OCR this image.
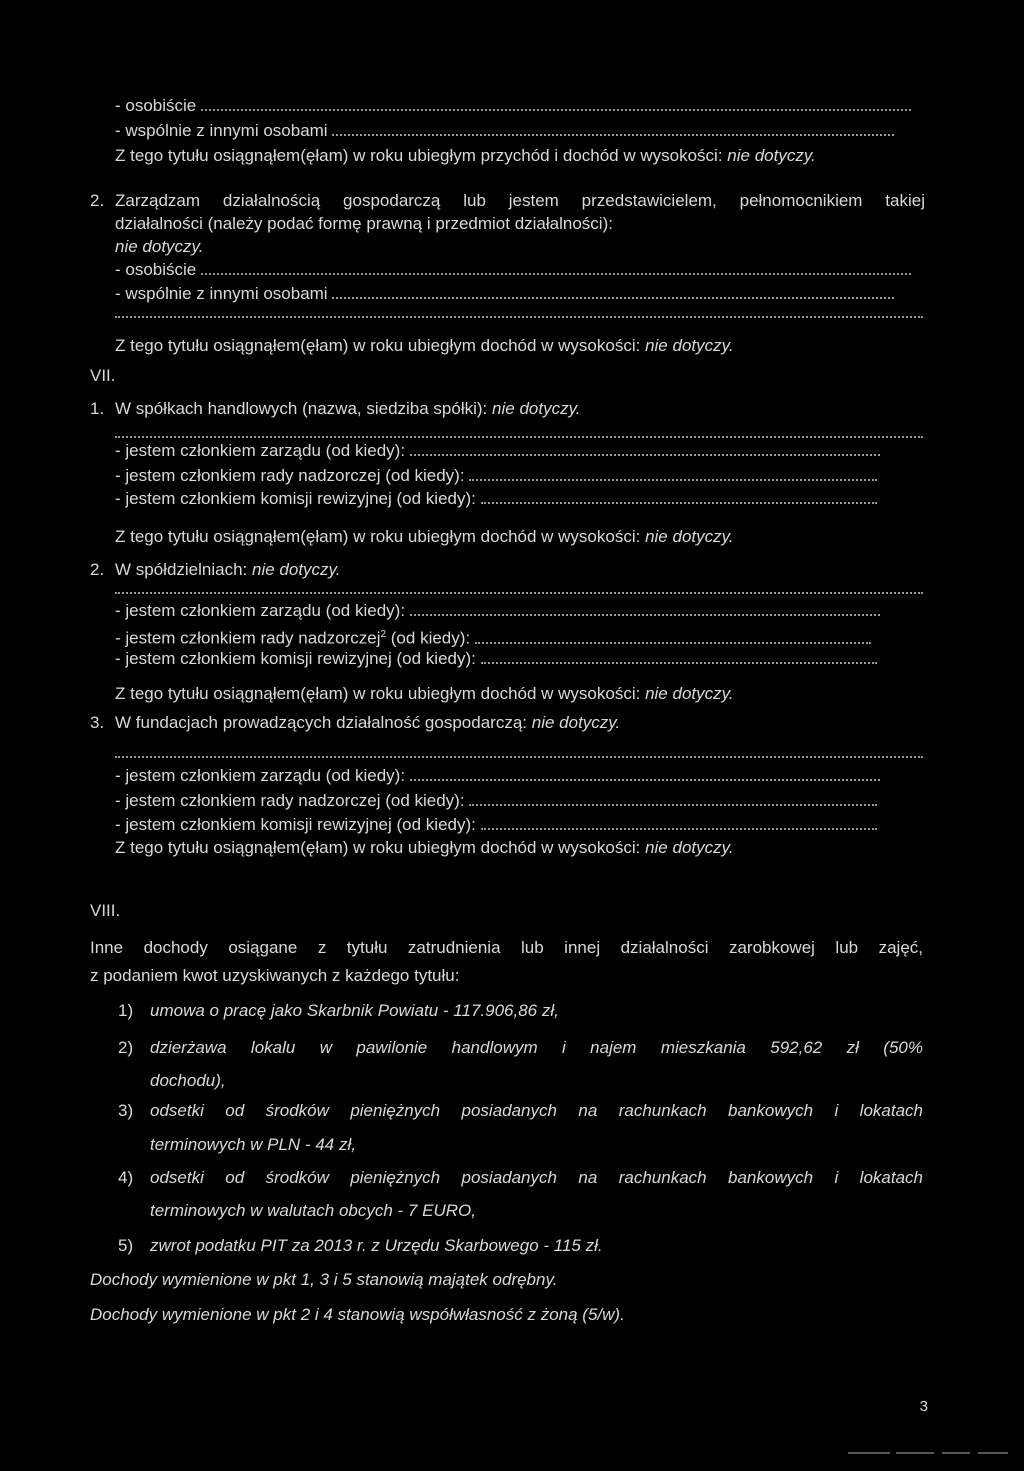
- osobiście
- wspólnie z innymi osobami
Z tego tytułu osiągnąłem(ęłam) w roku ubiegłym przychód i dochód w wysokości: nie dotyczy.
2. Zarządzam działalnością gospodarczą lub jestem przedstawicielem, pełnomocnikiem takiej
działalności (należy podać formę prawną i przedmiot działalności):
nie dotyczy.
- osobiście
- wspólnie z innymi osobami
Z tego tytułu osiągnąłem(ęłam) w roku ubiegłym dochód w wysokości: nie dotyczy.
VII.
1. W spółkach handlowych (nazwa, siedziba spółki): nie dotyczy.
- jestem członkiem zarządu (od kiedy):
- jestem członkiem rady nadzorczej (od kiedy):
- jestem członkiem komisji rewizyjnej (od kiedy):
Z tego tytułu osiągnąłem(ęłam) w roku ubiegłym dochód w wysokości: nie dotyczy.
2. W spółdzielniach: nie dotyczy.
- jestem członkiem zarządu (od kiedy):
- jestem członkiem rady nadzorczej$^2$ (od kiedy):
- jestem członkiem komisji rewizyjnej (od kiedy):
Z tego tytułu osiągnąłem(ęłam) w roku ubiegłym dochód w wysokości: nie dotyczy.
3. W fundacjach prowadzących działalność gospodarczą: nie dotyczy.
- jestem członkiem zarządu (od kiedy):
- jestem członkiem rady nadzorczej (od kiedy):
- jestem członkiem komisji rewizyjnej (od kiedy):
Z tego tytułu osiągnąłem(ęłam) w roku ubiegłym dochód w wysokości: nie dotyczy.
VIII.
Inne dochody osiągane z tytułu zatrudnienia lub innej działalności zarobkowej lub zajęć,
z podaniem kwot uzyskiwanych z każdego tytułu:
1) umowa o pracę jako Skarbnik Powiatu - 117.906,86 zł,
2) dzierżawa lokalu w pawilonie handlowym i najem mieszkania 592,62 zł (50%
dochodu),
3) odsetki od środków pieniężnych posiadanych na rachunkach bankowych i lokatach
terminowych w PLN - 44 zł,
4) odsetki od środków pieniężnych posiadanych na rachunkach bankowych i lokatach
terminowych w walutach obcych - 7 EURO,
5) zwrot podatku PIT za 2013 r. z Urzędu Skarbowego - 115 zł.
Dochody wymienione w pkt 1, 3 i 5 stanowią majątek odrębny.
Dochody wymienione w pkt 2 i 4 stanowią współwłasność z żoną (5/w).
3
